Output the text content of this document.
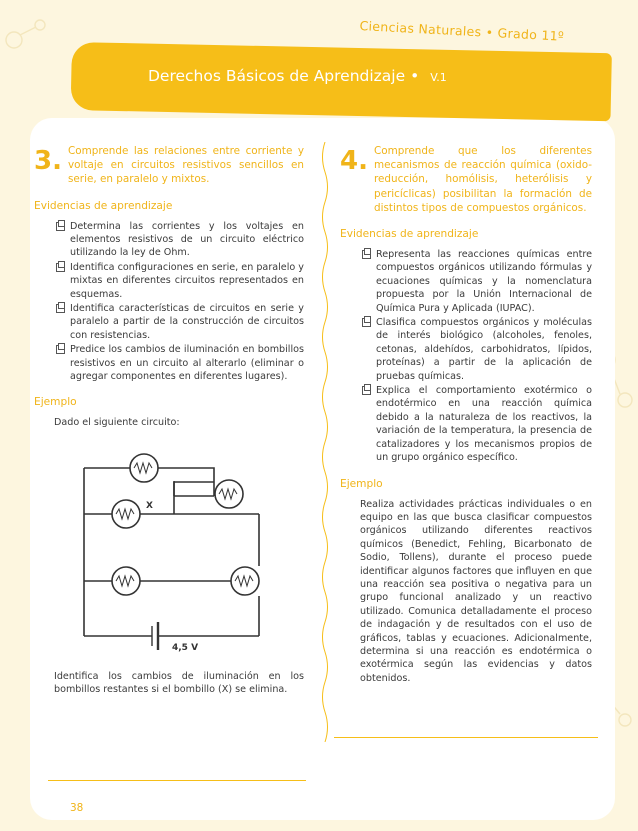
Ciencias Naturales • Grado 11º
Derechos Básicos de Aprendizaje • V.1
3. Comprende las relaciones entre corriente y voltaje en circuitos resistivos sencillos en serie, en paralelo y mixtos.
Evidencias de aprendizaje
Determina las corrientes y los voltajes en elementos resistivos de un circuito eléctrico utilizando la ley de Ohm.
Identifica configuraciones en serie, en paralelo y mixtas en diferentes circuitos representados en esquemas.
Identifica características de circuitos en serie y paralelo a partir de la construcción de circuitos con resistencias.
Predice los cambios de iluminación en bombillos resistivos en un circuito al alterarlo (eliminar o agregar componentes en diferentes lugares).
Ejemplo
Dado el siguiente circuito:
X
4,5 V
Identifica los cambios de iluminación en los bombillos restantes si el bombillo (X) se elimina.
4. Comprende que los diferentes mecanismos de reacción química (oxido-reducción, homólisis, heterólisis y pericíclicas) posibilitan la formación de distintos tipos de compuestos orgánicos.
Evidencias de aprendizaje
Representa las reacciones químicas entre compuestos orgánicos utilizando fórmulas y ecuaciones químicas y la nomenclatura propuesta por la Unión Internacional de Química Pura y Aplicada (IUPAC).
Clasifica compuestos orgánicos y moléculas de interés biológico (alcoholes, fenoles, cetonas, aldehídos, carbohidratos, lípidos, proteínas) a partir de la aplicación de pruebas químicas.
Explica el comportamiento exotérmico o endotérmico en una reacción química debido a la naturaleza de los reactivos, la variación de la temperatura, la presencia de catalizadores y los mecanismos propios de un grupo orgánico específico.
Ejemplo
Realiza actividades prácticas individuales o en equipo en las que busca clasificar compuestos orgánicos utilizando diferentes reactivos químicos (Benedict, Fehling, Bicarbonato de Sodio, Tollens), durante el proceso puede identificar algunos factores que influyen en que una reacción sea positiva o negativa para un grupo funcional analizado y un reactivo utilizado. Comunica detalladamente el proceso de indagación y de resultados con el uso de gráficos, tablas y ecuaciones. Adicionalmente, determina si una reacción es endotérmica o exotérmica según las evidencias y datos obtenidos.
38
